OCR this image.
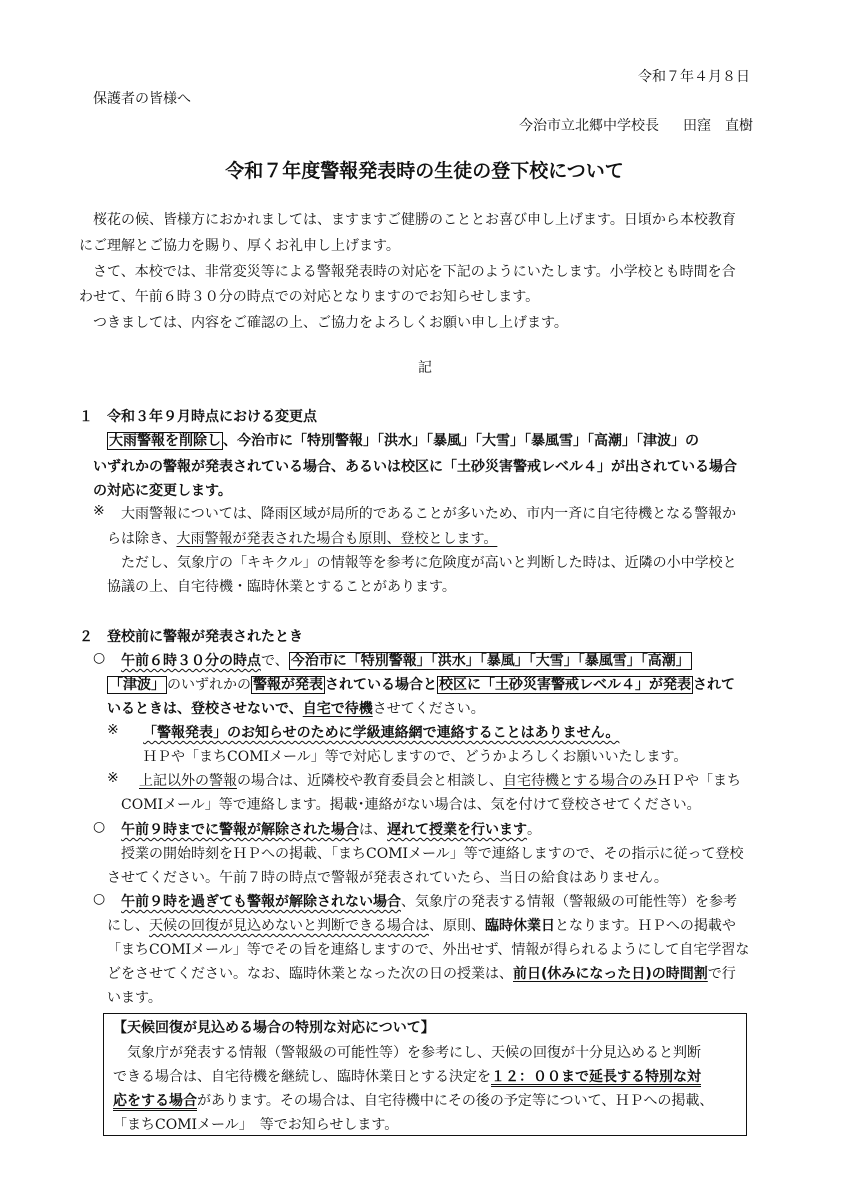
令和７年４月８日
保護者の皆様へ
今治市立北郷中学校長 田窪　直樹
令和７年度警報発表時の生徒の登下校について
桜花の候、皆様方におかれましては、ますますご健勝のこととお喜び申し上げます。日頃から本校教育
にご理解とご協力を賜り、厚くお礼申し上げます。
さて、本校では、非常変災等による警報発表時の対応を下記のようにいたします。小学校とも時間を合
わせて、午前６時３０分の時点での対応となりますのでお知らせします。
つきましては、内容をご確認の上、ご協力をよろしくお願い申し上げます。
記
１　令和３年９月時点における変更点
大雨警報を削除し 、今治市に「特別警報」「洪水」「暴風」「大雪」「暴風雪」「高潮」「津波」の
いずれかの警報が発表されている場合、あるいは校区に「土砂災害警戒レベル４」が出されている場合
の対応に変更します。
※ 大雨警報については、降雨区域が局所的であることが多いため、市内一斉に自宅待機となる警報か
らは除き、大雨警報が発表された場合も原則、登校とします。
ただし、気象庁の「キキクル」の情報等を参考に危険度が高いと判断した時は、近隣の小中学校と
協議の上、自宅待機・臨時休業とすることがあります。
２　登校前に警報が発表されたとき
○ 午前６時３０分の時点で、 今治市に「特別警報」「洪水」「暴風」「大雪」「暴風雪」「高潮」
「津波」 のいずれかの 警報が発表 されている場合と 校区に「土砂災害警戒レベル４」が発表 されて
いるときは、登校させないで、自宅で待機させてください。
※ 「警報発表」のお知らせのために学級連絡網で連絡することはありません。
ＨＰや「まちCOMIメール」等で対応しますので、どうかよろしくお願いいたします。
※ 上記以外の警報の場合は、近隣校や教育委員会と相談し、自宅待機とする場合のみＨＰや「まち
COMIメール」等で連絡します。掲載･連絡がない場合は、気を付けて登校させてください。
○ 午前９時までに警報が解除された場合は、遅れて授業を行います。
授業の開始時刻をＨＰへの掲載、「まちCOMIメール」等で連絡しますので、その指示に従って登校
させてください。午前７時の時点で警報が発表されていたら、当日の給食はありません。
○ 午前９時を過ぎても警報が解除されない場合、気象庁の発表する情報（警報級の可能性等）を参考
にし、天候の回復が見込めないと判断できる場合は、原則、臨時休業日となります。ＨＰへの掲載や
「まちCOMIメール」等でその旨を連絡しますので、外出せず、情報が得られるようにして自宅学習な
どをさせてください。なお、臨時休業となった次の日の授業は、前日(休みになった日)の時間割で行
います。
【天候回復が見込める場合の特別な対応について】
気象庁が発表する情報（警報級の可能性等）を参考にし、天候の回復が十分見込めると判断
できる場合は、自宅待機を継続し、臨時休業日とする決定を１２：００まで延長する特別な対
応をする場合があります。その場合は、自宅待機中にその後の予定等について、ＨＰへの掲載、
「まちCOMIメール」　等でお知らせします。
